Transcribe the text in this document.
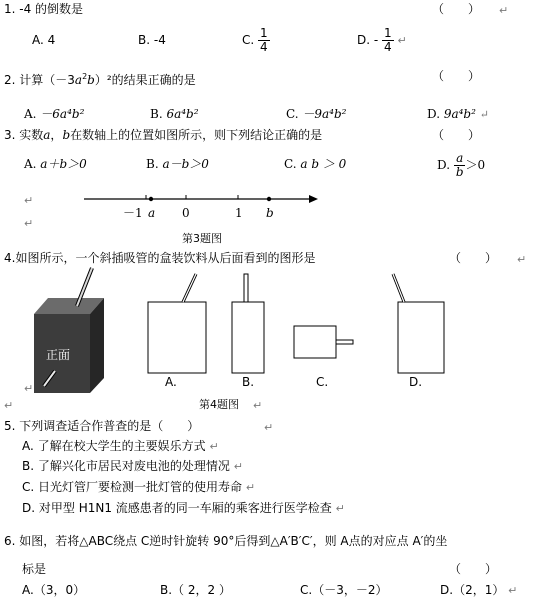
1. -4 的倒数是	（　　） ↵
A. 4	B. -4	C. $\frac{1}{4}$	D. - $\frac{1}{4}$ ↵
2. 计算$(-3a^2b)^2$的结果正确的是	（　　）
A. －6a⁴b²	B. 6a⁴b²	C. －9a⁴b²	D. 9a⁴b² ↵
3. 实数a，b在数轴上的位置如图所示，则下列结论正确的是	（　　）
A. a＋b＞0	B. a－b＞0	C. a b ＞ 0	D. $\frac{a}{b} >0$
↵
↵
－1 a 0	1 b
第3题图
4.如图所示，一个斜插吸管的盒装饮料从后面看到的图形是	（　　） ↵
正面
A.	B.	C.	D.
↵
第4题图 ↵
↵
5. 下列调查适合作普查的是（　　）	↵
A. 了解在校大学生的主要娱乐方式 ↵
B. 了解兴化市居民对废电池的处理情况 ↵
C. 日光灯管厂要检测一批灯管的使用寿命 ↵
D. 对甲型 H1N1 流感患者的同一车厢的乘客进行医学检查 ↵
6. 如图，若将△ABC绕点 C逆时针旋转 90°后得到△A′B′C′，则 A点的对应点 A′的坐
标是	（　　）
A.（3，0）	B.（ 2，2 ）	C.（－3，－2）	D.（2，1） ↵
